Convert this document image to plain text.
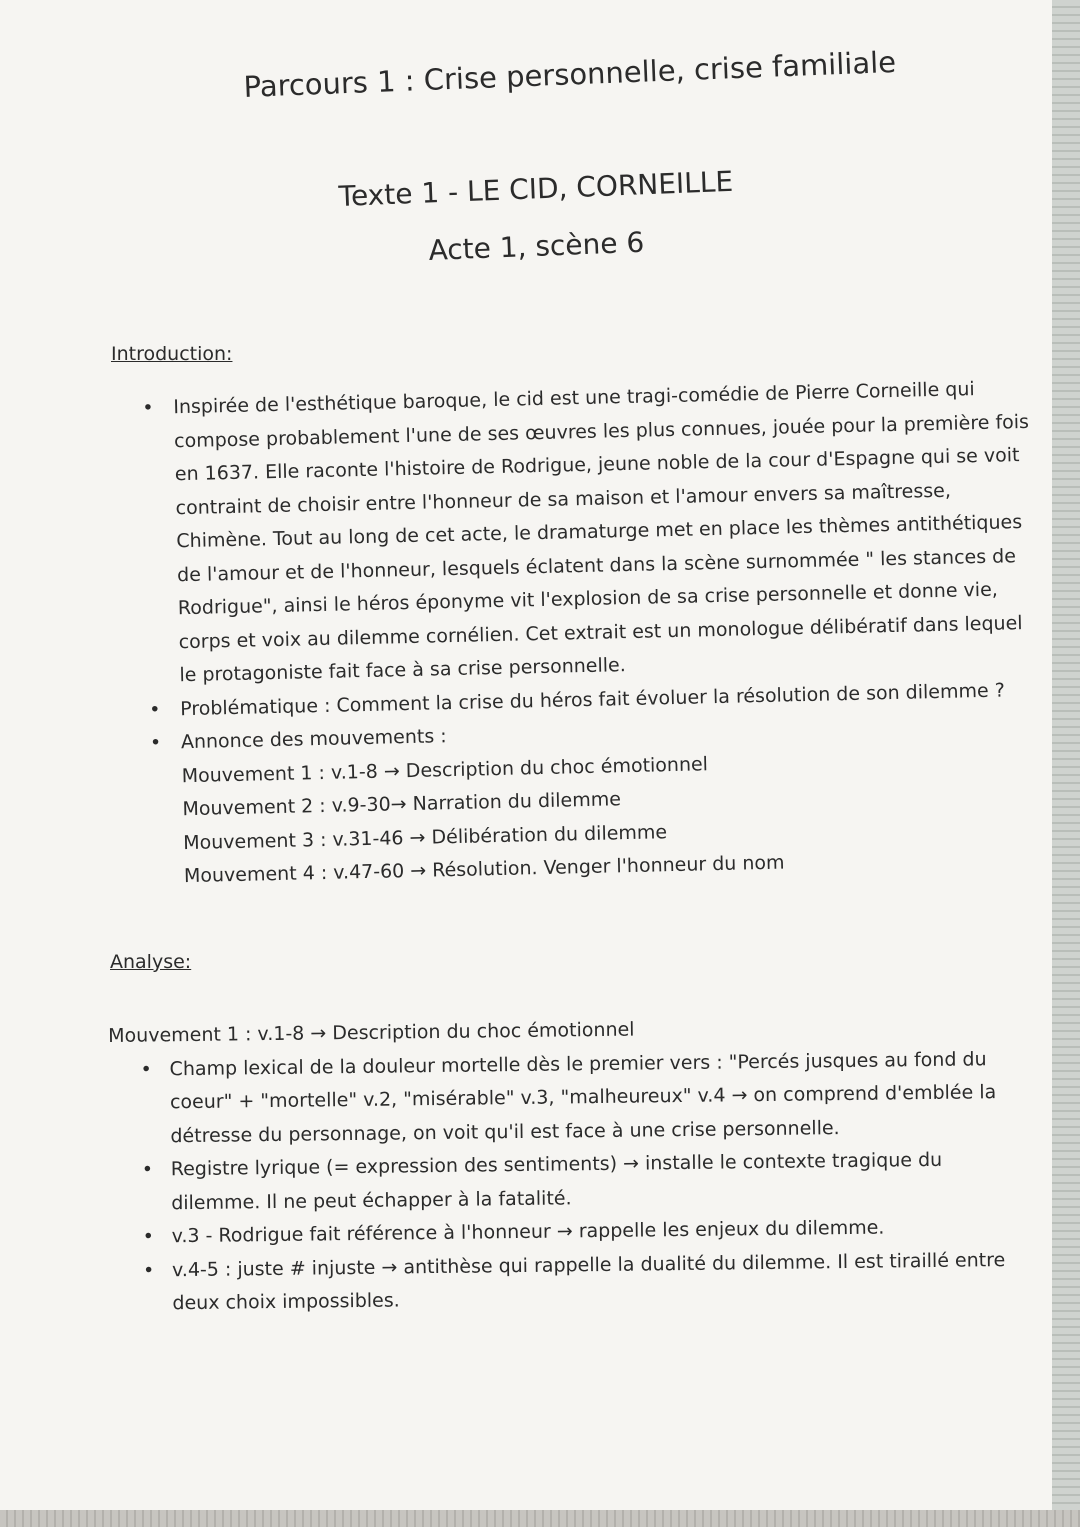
Parcours 1 : Crise personnelle, crise familiale
Texte 1 - LE CID, CORNEILLE
Acte 1, scène 6
Introduction:
• Inspirée de l'esthétique baroque, le cid est une tragi-comédie de Pierre Corneille qui
compose probablement l'une de ses œuvres les plus connues, jouée pour la première fois
en 1637. Elle raconte l'histoire de Rodrigue, jeune noble de la cour d'Espagne qui se voit
contraint de choisir entre l'honneur de sa maison et l'amour envers sa maîtresse,
Chimène. Tout au long de cet acte, le dramaturge met en place les thèmes antithétiques
de l'amour et de l'honneur, lesquels éclatent dans la scène surnommée " les stances de
Rodrigue", ainsi le héros éponyme vit l'explosion de sa crise personnelle et donne vie,
corps et voix au dilemme cornélien. Cet extrait est un monologue délibératif dans lequel
le protagoniste fait face à sa crise personnelle.
• Problématique : Comment la crise du héros fait évoluer la résolution de son dilemme ?
• Annonce des mouvements :
Mouvement 1 : v.1-8 → Description du choc émotionnel
Mouvement 2 : v.9-30→ Narration du dilemme
Mouvement 3 : v.31-46 → Délibération du dilemme
Mouvement 4 : v.47-60 → Résolution. Venger l'honneur du nom
Analyse:
Mouvement 1 : v.1-8 → Description du choc émotionnel
• Champ lexical de la douleur mortelle dès le premier vers : "Percés jusques au fond du
coeur" + "mortelle" v.2, "misérable" v.3, "malheureux" v.4 → on comprend d'emblée la
détresse du personnage, on voit qu'il est face à une crise personnelle.
• Registre lyrique (= expression des sentiments) → installe le contexte tragique du
dilemme. Il ne peut échapper à la fatalité.
• v.3 - Rodrigue fait référence à l'honneur → rappelle les enjeux du dilemme.
• v.4-5 : juste # injuste → antithèse qui rappelle la dualité du dilemme. Il est tiraillé entre
deux choix impossibles.
